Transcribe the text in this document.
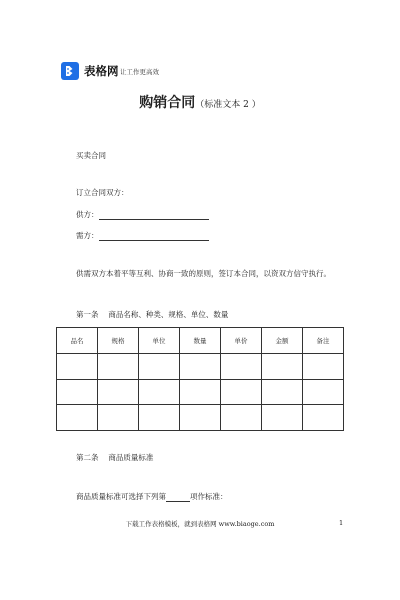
表格网 让工作更高效
购销合同（标准文本 2 ）
买卖合同
订立合同双方：
供方：
需方：
供需双方本着平等互利、协商一致的原则，签订本合同，以资双方信守执行。
第一条　 商品名称、种类、规格、单位、数量
品名	规格	单位	数量	单价	金额	备注

第二条　 商品质量标准
商品质量标准可选择下列第	项作标准：
下载工作表格模板，就到表格网 www.biaoge.com	1
